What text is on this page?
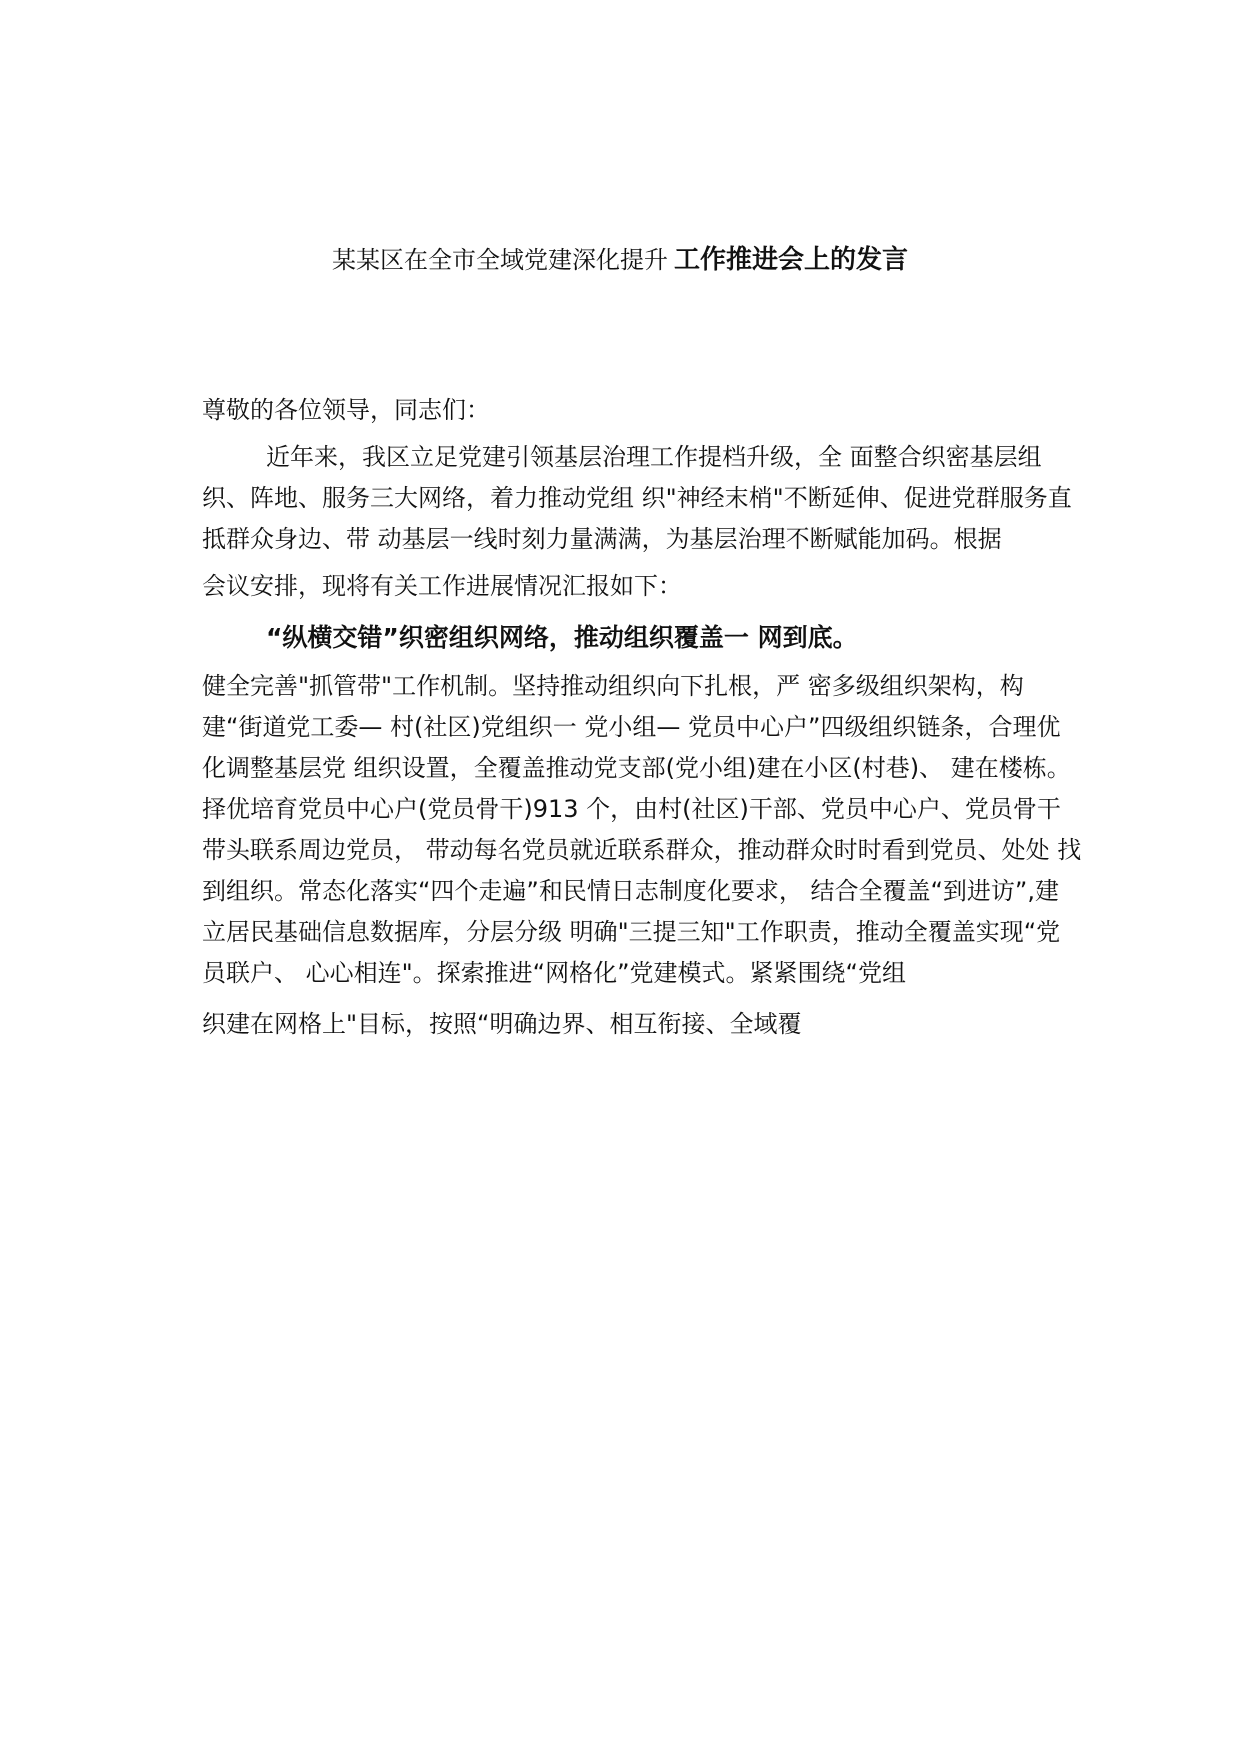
某某区在全市全域党建深化提升 工作推进会上的发言

尊敬的各位领导，同志们：

近年来，我区立足党建引领基层治理工作提档升级，全 面整合织密基层组织、阵地、服务三大网络，着力推动党组 织"神经末梢"不断延伸、促进党群服务直抵群众身边、带 动基层一线时刻力量满满，为基层治理不断赋能加码。根据

会议安排，现将有关工作进展情况汇报如下：

“纵横交错”织密组织网络，推动组织覆盖一 网到底。

健全完善"抓管带"工作机制。坚持推动组织向下扎根，严 密多级组织架构，构建“街道党工委— 村(社区)党组织一 党小组— 党员中心户”四级组织链条，合理优化调整基层党 组织设置，全覆盖推动党支部(党小组)建在小区(村巷)、 建在楼栋。择优培育党员中心户(党员骨干)913 个，由村(社区)干部、党员中心户、党员骨干带头联系周边党员， 带动每名党员就近联系群众，推动群众时时看到党员、处处 找到组织。常态化落实“四个走遍”和民情日志制度化要求， 结合全覆盖“到进访”,建立居民基础信息数据库，分层分级 明确"三提三知"工作职责，推动全覆盖实现“党员联户、 心心相连"。探索推进“网格化”党建模式。紧紧围绕“党组

织建在网格上"目标，按照“明确边界、相互衔接、全域覆
